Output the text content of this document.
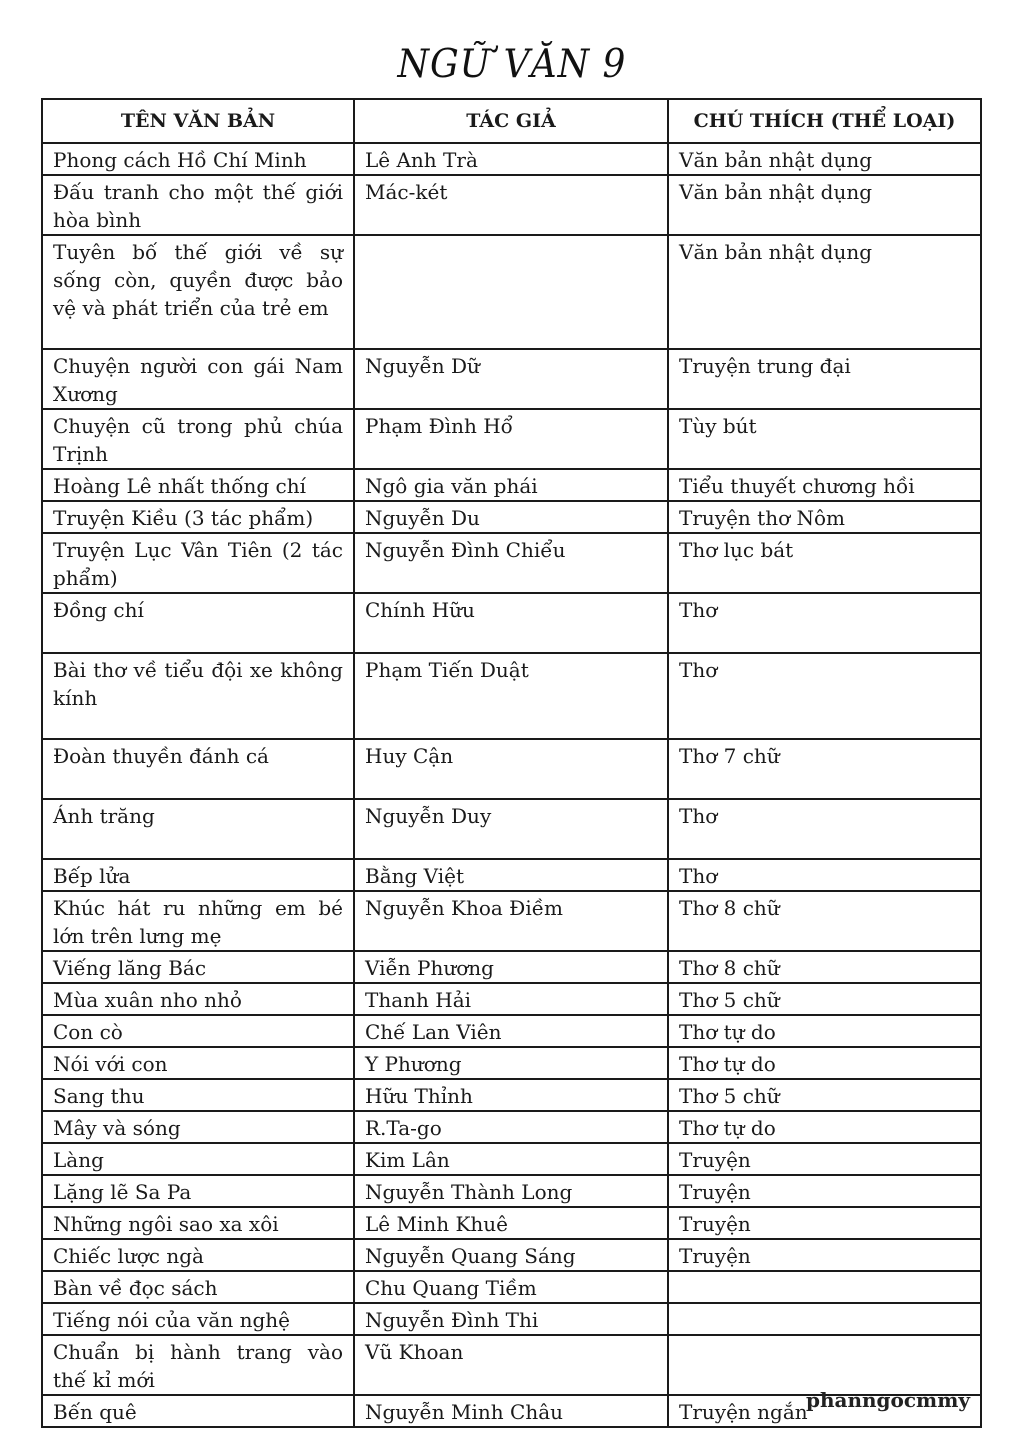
NGỮ VĂN 9
TÊN VĂN BẢN	TÁC GIẢ	CHÚ THÍCH (THỂ LOẠI)
Phong cách Hồ Chí Minh	Lê Anh Trà	Văn bản nhật dụng
Đấu tranh cho một thế giới hòa bình	Mác-két	Văn bản nhật dụng
Tuyên bố thế giới về sự sống còn, quyền được bảo vệ và phát triển của trẻ em		Văn bản nhật dụng
Chuyện người con gái Nam Xương	Nguyễn Dữ	Truyện trung đại
Chuyện cũ trong phủ chúa Trịnh	Phạm Đình Hổ	Tùy bút
Hoàng Lê nhất thống chí	Ngô gia văn phái	Tiểu thuyết chương hồi
Truyện Kiều (3 tác phẩm)	Nguyễn Du	Truyện thơ Nôm
Truyện Lục Vân Tiên (2 tác phẩm)	Nguyễn Đình Chiểu	Thơ lục bát
Đồng chí	Chính Hữu	Thơ
Bài thơ về tiểu đội xe không kính	Phạm Tiến Duật	Thơ
Đoàn thuyền đánh cá	Huy Cận	Thơ 7 chữ
Ánh trăng	Nguyễn Duy	Thơ
Bếp lửa	Bằng Việt	Thơ
Khúc hát ru những em bé lớn trên lưng mẹ	Nguyễn Khoa Điềm	Thơ 8 chữ
Viếng lăng Bác	Viễn Phương	Thơ 8 chữ
Mùa xuân nho nhỏ	Thanh Hải	Thơ 5 chữ
Con cò	Chế Lan Viên	Thơ tự do
Nói với con	Y Phương	Thơ tự do
Sang thu	Hữu Thỉnh	Thơ 5 chữ
Mây và sóng	R.Ta-go	Thơ tự do
Làng	Kim Lân	Truyện
Lặng lẽ Sa Pa	Nguyễn Thành Long	Truyện
Những ngôi sao xa xôi	Lê Minh Khuê	Truyện
Chiếc lược ngà	Nguyễn Quang Sáng	Truyện
Bàn về đọc sách	Chu Quang Tiềm	
Tiếng nói của văn nghệ	Nguyễn Đình Thi	
Chuẩn bị hành trang vào thế kỉ mới	Vũ Khoan	
Bến quê	Nguyễn Minh Châu	Truyện ngắn
phanngocmmy
